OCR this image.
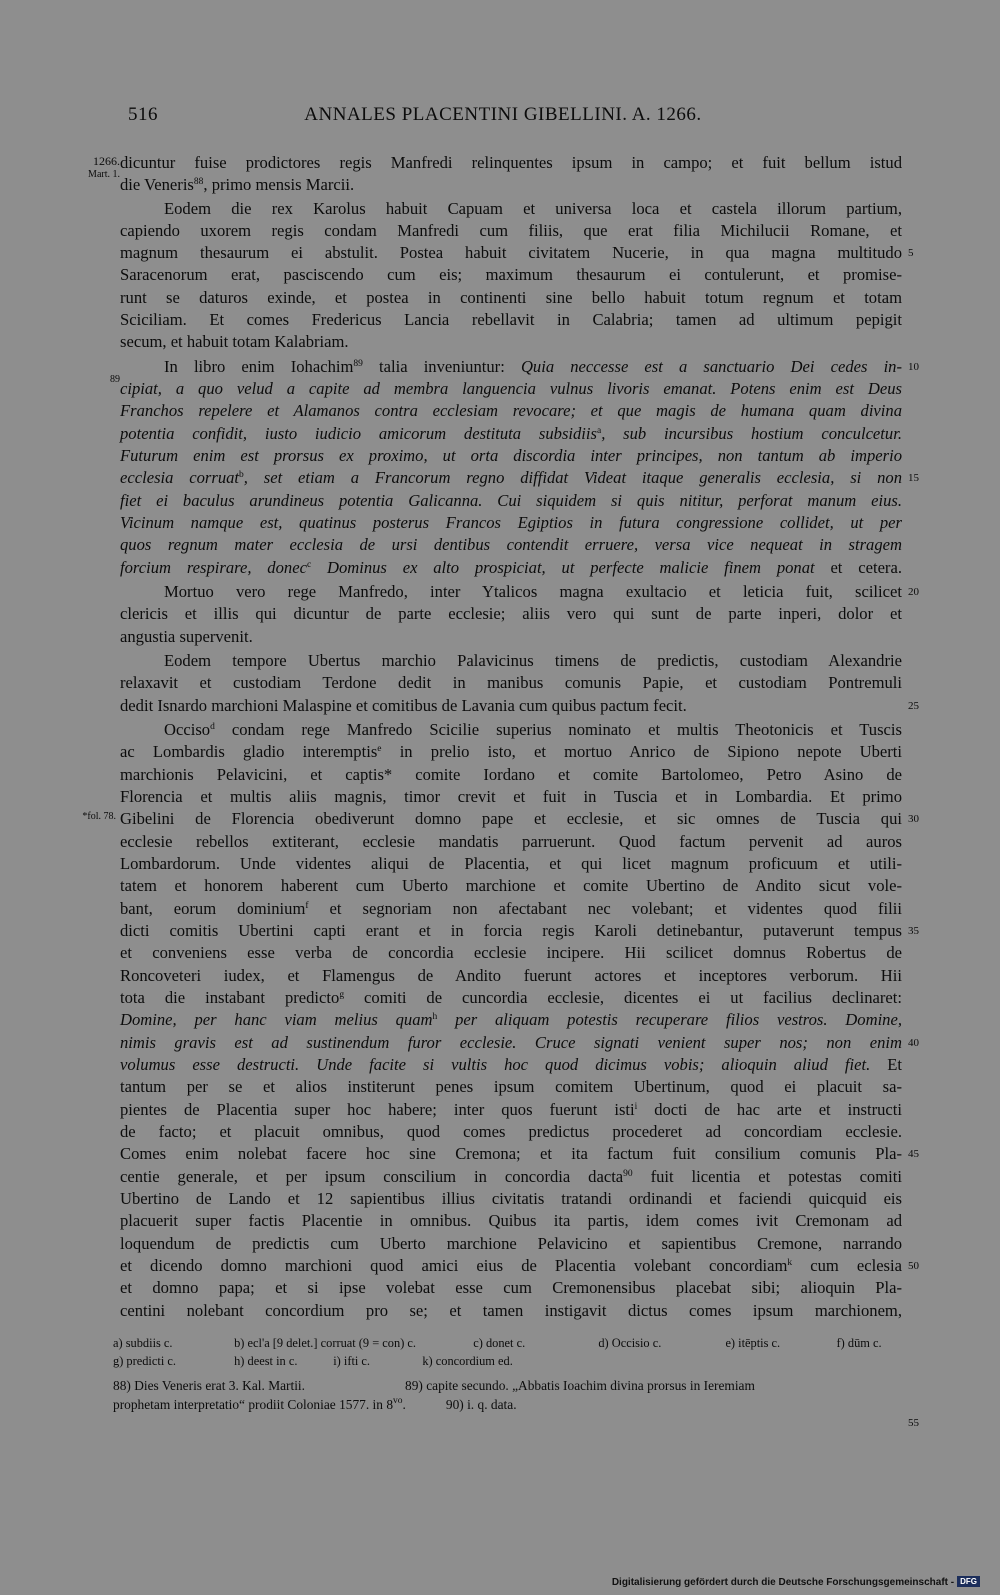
516	ANNALES PLACENTINI GIBELLINI. A. 1266.
1266.
Mart. 1.
89
*fol. 78.
dicuntur fuise prodictores regis Manfredi relinquentes ipsum in campo; et fuit bellum istud
die Veneris$^{88}$, primo mensis Marcii.
Eodem die rex Karolus habuit Capuam et universa loca et castela illorum partium,
capiendo uxorem regis condam Manfredi cum filiis, que erat filia Michilucii Romane, et
magnum thesaurum ei abstulit. Postea habuit civitatem Nucerie, in qua magna multitudo
Saracenorum erat, pasciscendo cum eis; maximum thesaurum ei contulerunt, et promise-
runt se daturos exinde, et postea in continenti sine bello habuit totum regnum et totam
Sciciliam. Et comes Fredericus Lancia rebellavit in Calabria; tamen ad ultimum pepigit
secum, et habuit totam Kalabriam.
In libro enim Iohachim$^{89}$ talia inveniuntur: Quia neccesse est a sanctuario Dei cedes in-
cipiat, a quo velud a capite ad membra languencia vulnus livoris emanat. Potens enim est Deus
Franchos repelere et Alamanos contra ecclesiam revocare; et que magis de humana quam divina
potentia confidit, iusto iudicio amicorum destituta subsidiis$^a$, sub incursibus hostium conculcetur.
Futurum enim est prorsus ex proximo, ut orta discordia inter principes, non tantum ab imperio
ecclesia corruat$^b$, set etiam a Francorum regno diffidat Videat itaque generalis ecclesia, si non
fiet ei baculus arundineus potentia Galicanna. Cui siquidem si quis nititur, perforat manum eius.
Vicinum namque est, quatinus posterus Francos Egiptios in futura congressione collidet, ut per
quos regnum mater ecclesia de ursi dentibus contendit erruere, versa vice nequeat in stragem
forcium respirare, donec$^c$ Dominus ex alto prospiciat, ut perfecte malicie finem ponat et cetera.
Mortuo vero rege Manfredo, inter Ytalicos magna exultacio et leticia fuit, scilicet
clericis et illis qui dicuntur de parte ecclesie; aliis vero qui sunt de parte inperi, dolor et
angustia supervenit.
Eodem tempore Ubertus marchio Palavicinus timens de predictis, custodiam Alexandrie
relaxavit et custodiam Terdone dedit in manibus comunis Papie, et custodiam Pontremuli
dedit Isnardo marchioni Malaspine et comitibus de Lavania cum quibus pactum fecit.
Occiso$^d$ condam rege Manfredo Scicilie superius nominato et multis Theotonicis et Tuscis
ac Lombardis gladio interemptis$^e$ in prelio isto, et mortuo Anrico de Sipiono nepote Uberti
marchionis Pelavicini, et captis* comite Iordano et comite Bartolomeo, Petro Asino de
Florencia et multis aliis magnis, timor crevit et fuit in Tuscia et in Lombardia. Et primo
Gibelini de Florencia obediverunt domno pape et ecclesie, et sic omnes de Tuscia qui
ecclesie rebellos extiterant, ecclesie mandatis parruerunt. Quod factum pervenit ad auros
Lombardorum. Unde videntes aliqui de Placentia, et qui licet magnum proficuum et utili-
tatem et honorem haberent cum Uberto marchione et comite Ubertino de Andito sicut vole-
bant, eorum dominium$^f$ et segnoriam non afectabant nec volebant; et videntes quod filii
dicti comitis Ubertini capti erant et in forcia regis Karoli detinebantur, putaverunt tempus
et conveniens esse verba de concordia ecclesie incipere. Hii scilicet domnus Robertus de
Roncoveteri iudex, et Flamengus de Andito fuerunt actores et inceptores verborum. Hii
tota die instabant predicto$^g$ comiti de cuncordia ecclesie, dicentes ei ut facilius declinaret:
Domine, per hanc viam melius quam$^h$ per aliquam potestis recuperare filios vestros. Domine,
nimis gravis est ad sustinendum furor ecclesie. Cruce signati venient super nos; non enim
volumus esse destructi. Unde facite si vultis hoc quod dicimus vobis; alioquin aliud fiet. Et
tantum per se et alios institerunt penes ipsum comitem Ubertinum, quod ei placuit sa-
pientes de Placentia super hoc habere; inter quos fuerunt isti$^i$ docti de hac arte et instructi
de facto; et placuit omnibus, quod comes predictus procederet ad concordiam ecclesie.
Comes enim nolebat facere hoc sine Cremona; et ita factum fuit consilium comunis Pla-
centie generale, et per ipsum conscilium in concordia dacta$^{90}$ fuit licentia et potestas comiti
Ubertino de Lando et 12 sapientibus illius civitatis tratandi ordinandi et faciendi quicquid eis
placuerit super factis Placentie in omnibus. Quibus ita partis, idem comes ivit Cremonam ad
loquendum de predictis cum Uberto marchione Pelavicino et sapientibus Cremone, narrando
et dicendo domno marchioni quod amici eius de Placentia volebant concordiam$^k$ cum eclesia
et domno papa; et si ipse volebat esse cum Cremonensibus placebat sibi; alioquin Pla-
centini nolebant concordium pro se; et tamen instigavit dictus comes ipsum marchionem,
5
10
15
20
25
30
35
40
45
50
55
a) subdiis c.	b) ecl'a [9 delet.] corruat (9 = con) c.	c) donet c.	d) Occisio c.	e) itēptis c.	f) dūm c.
g) predicti c.	h) deest in c.	i) ifti c.	k) concordium ed.
88) Dies Veneris erat 3. Kal. Martii.	89) capite secundo. „Abbatis Ioachim divina prorsus in Ieremiam
prophetam interpretatio“ prodiit Coloniae 1577. in $8^{vo}$.	90) i. q. data.
Digitalisierung gefördert durch die Deutsche Forschungsgemeinschaft - DFG
